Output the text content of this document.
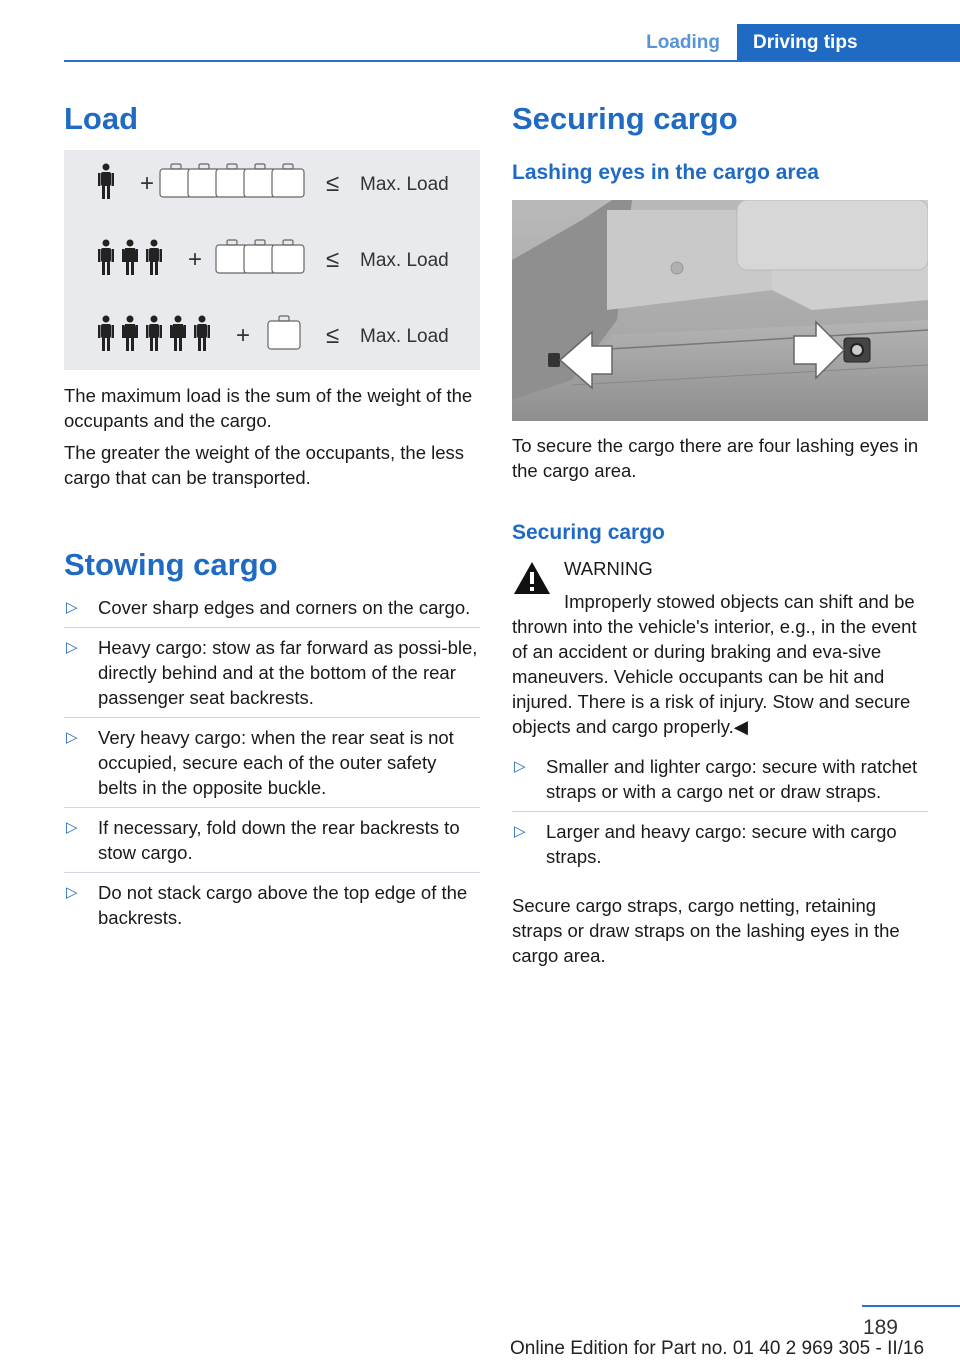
Loading	Driving tips
Load
+	≤ Max. Load
+	≤ Max. Load
+	≤ Max. Load

The maximum load is the sum of the weight of the occupants and the cargo.

The greater the weight of the occupants, the less cargo that can be transported.

Stowing cargo
▷ Cover sharp edges and corners on the cargo.
▷ Heavy cargo: stow as far forward as possi‐ble, directly behind and at the bottom of the rear passenger seat backrests.
▷ Very heavy cargo: when the rear seat is not occupied, secure each of the outer safety belts in the opposite buckle.
▷ If necessary, fold down the rear backrests to stow cargo.
▷ Do not stack cargo above the top edge of the backrests.
Securing cargo
Lashing eyes in the cargo area

To secure the cargo there are four lashing eyes in the cargo area.

Securing cargo

WARNING

Improperly stowed objects can shift and be thrown into the vehicle's interior, e.g., in the event of an accident or during braking and eva‐sive maneuvers. Vehicle occupants can be hit and injured. There is a risk of injury. Stow and secure objects and cargo properly.◀

▷ Smaller and lighter cargo: secure with ratchet straps or with a cargo net or draw straps.
▷ Larger and heavy cargo: secure with cargo straps.

Secure cargo straps, cargo netting, retaining straps or draw straps on the lashing eyes in the cargo area.

189
Online Edition for Part no. 01 40 2 969 305 - II/16
